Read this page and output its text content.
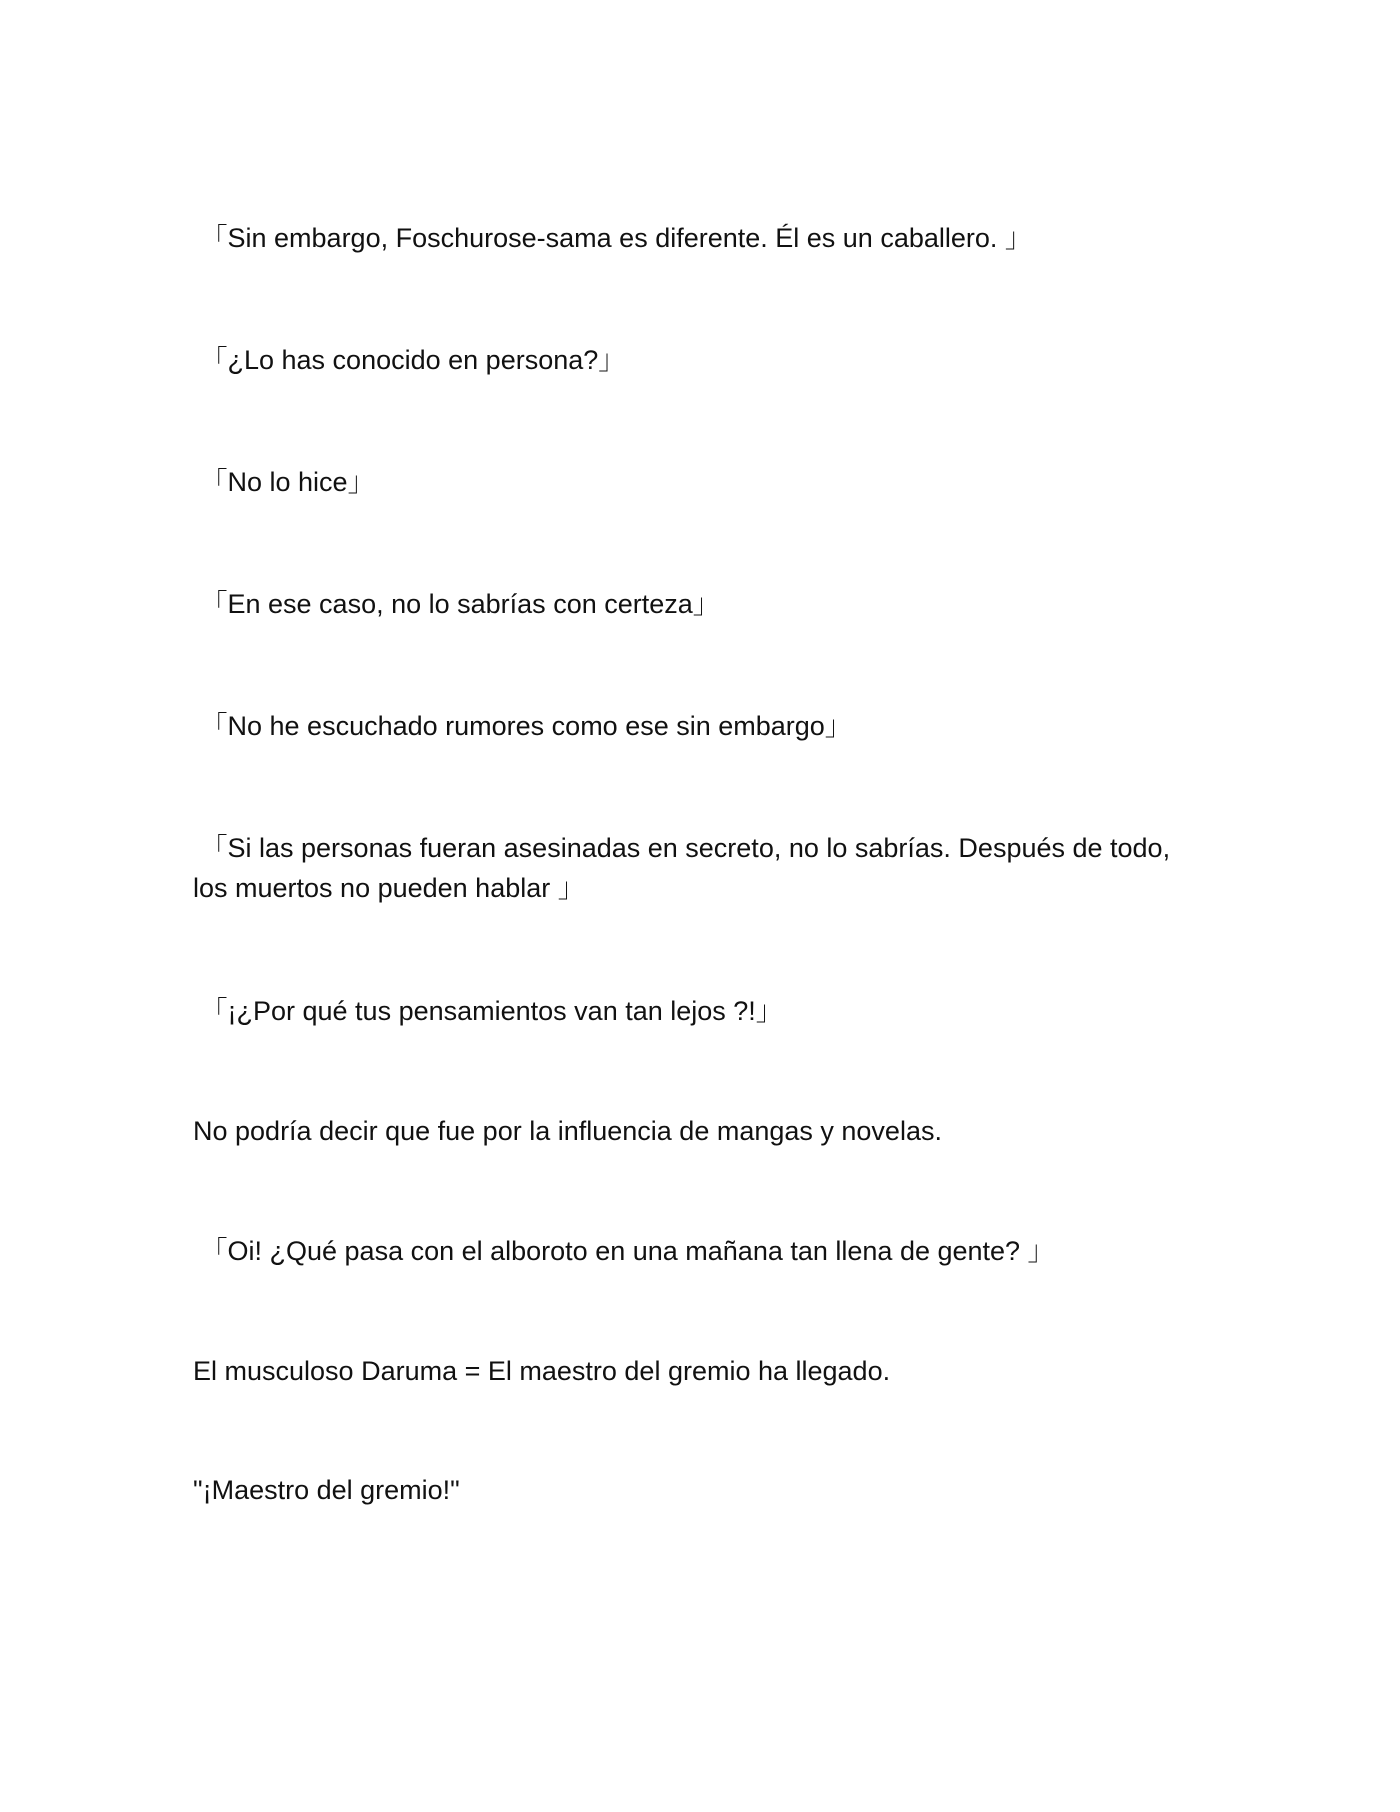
「Sin embargo, Foschurose-sama es diferente. Él es un caballero. 」

「¿Lo has conocido en persona?」

「No lo hice」

「En ese caso, no lo sabrías con certeza」

「No he escuchado rumores como ese sin embargo」

「Si las personas fueran asesinadas en secreto, no lo sabrías. Después de todo, los muertos no pueden hablar 」

「¡¿Por qué tus pensamientos van tan lejos ?!」

No podría decir que fue por la influencia de mangas y novelas.

「Oi! ¿Qué pasa con el alboroto en una mañana tan llena de gente? 」

El musculoso Daruma = El maestro del gremio ha llegado.

"¡Maestro del gremio!"
